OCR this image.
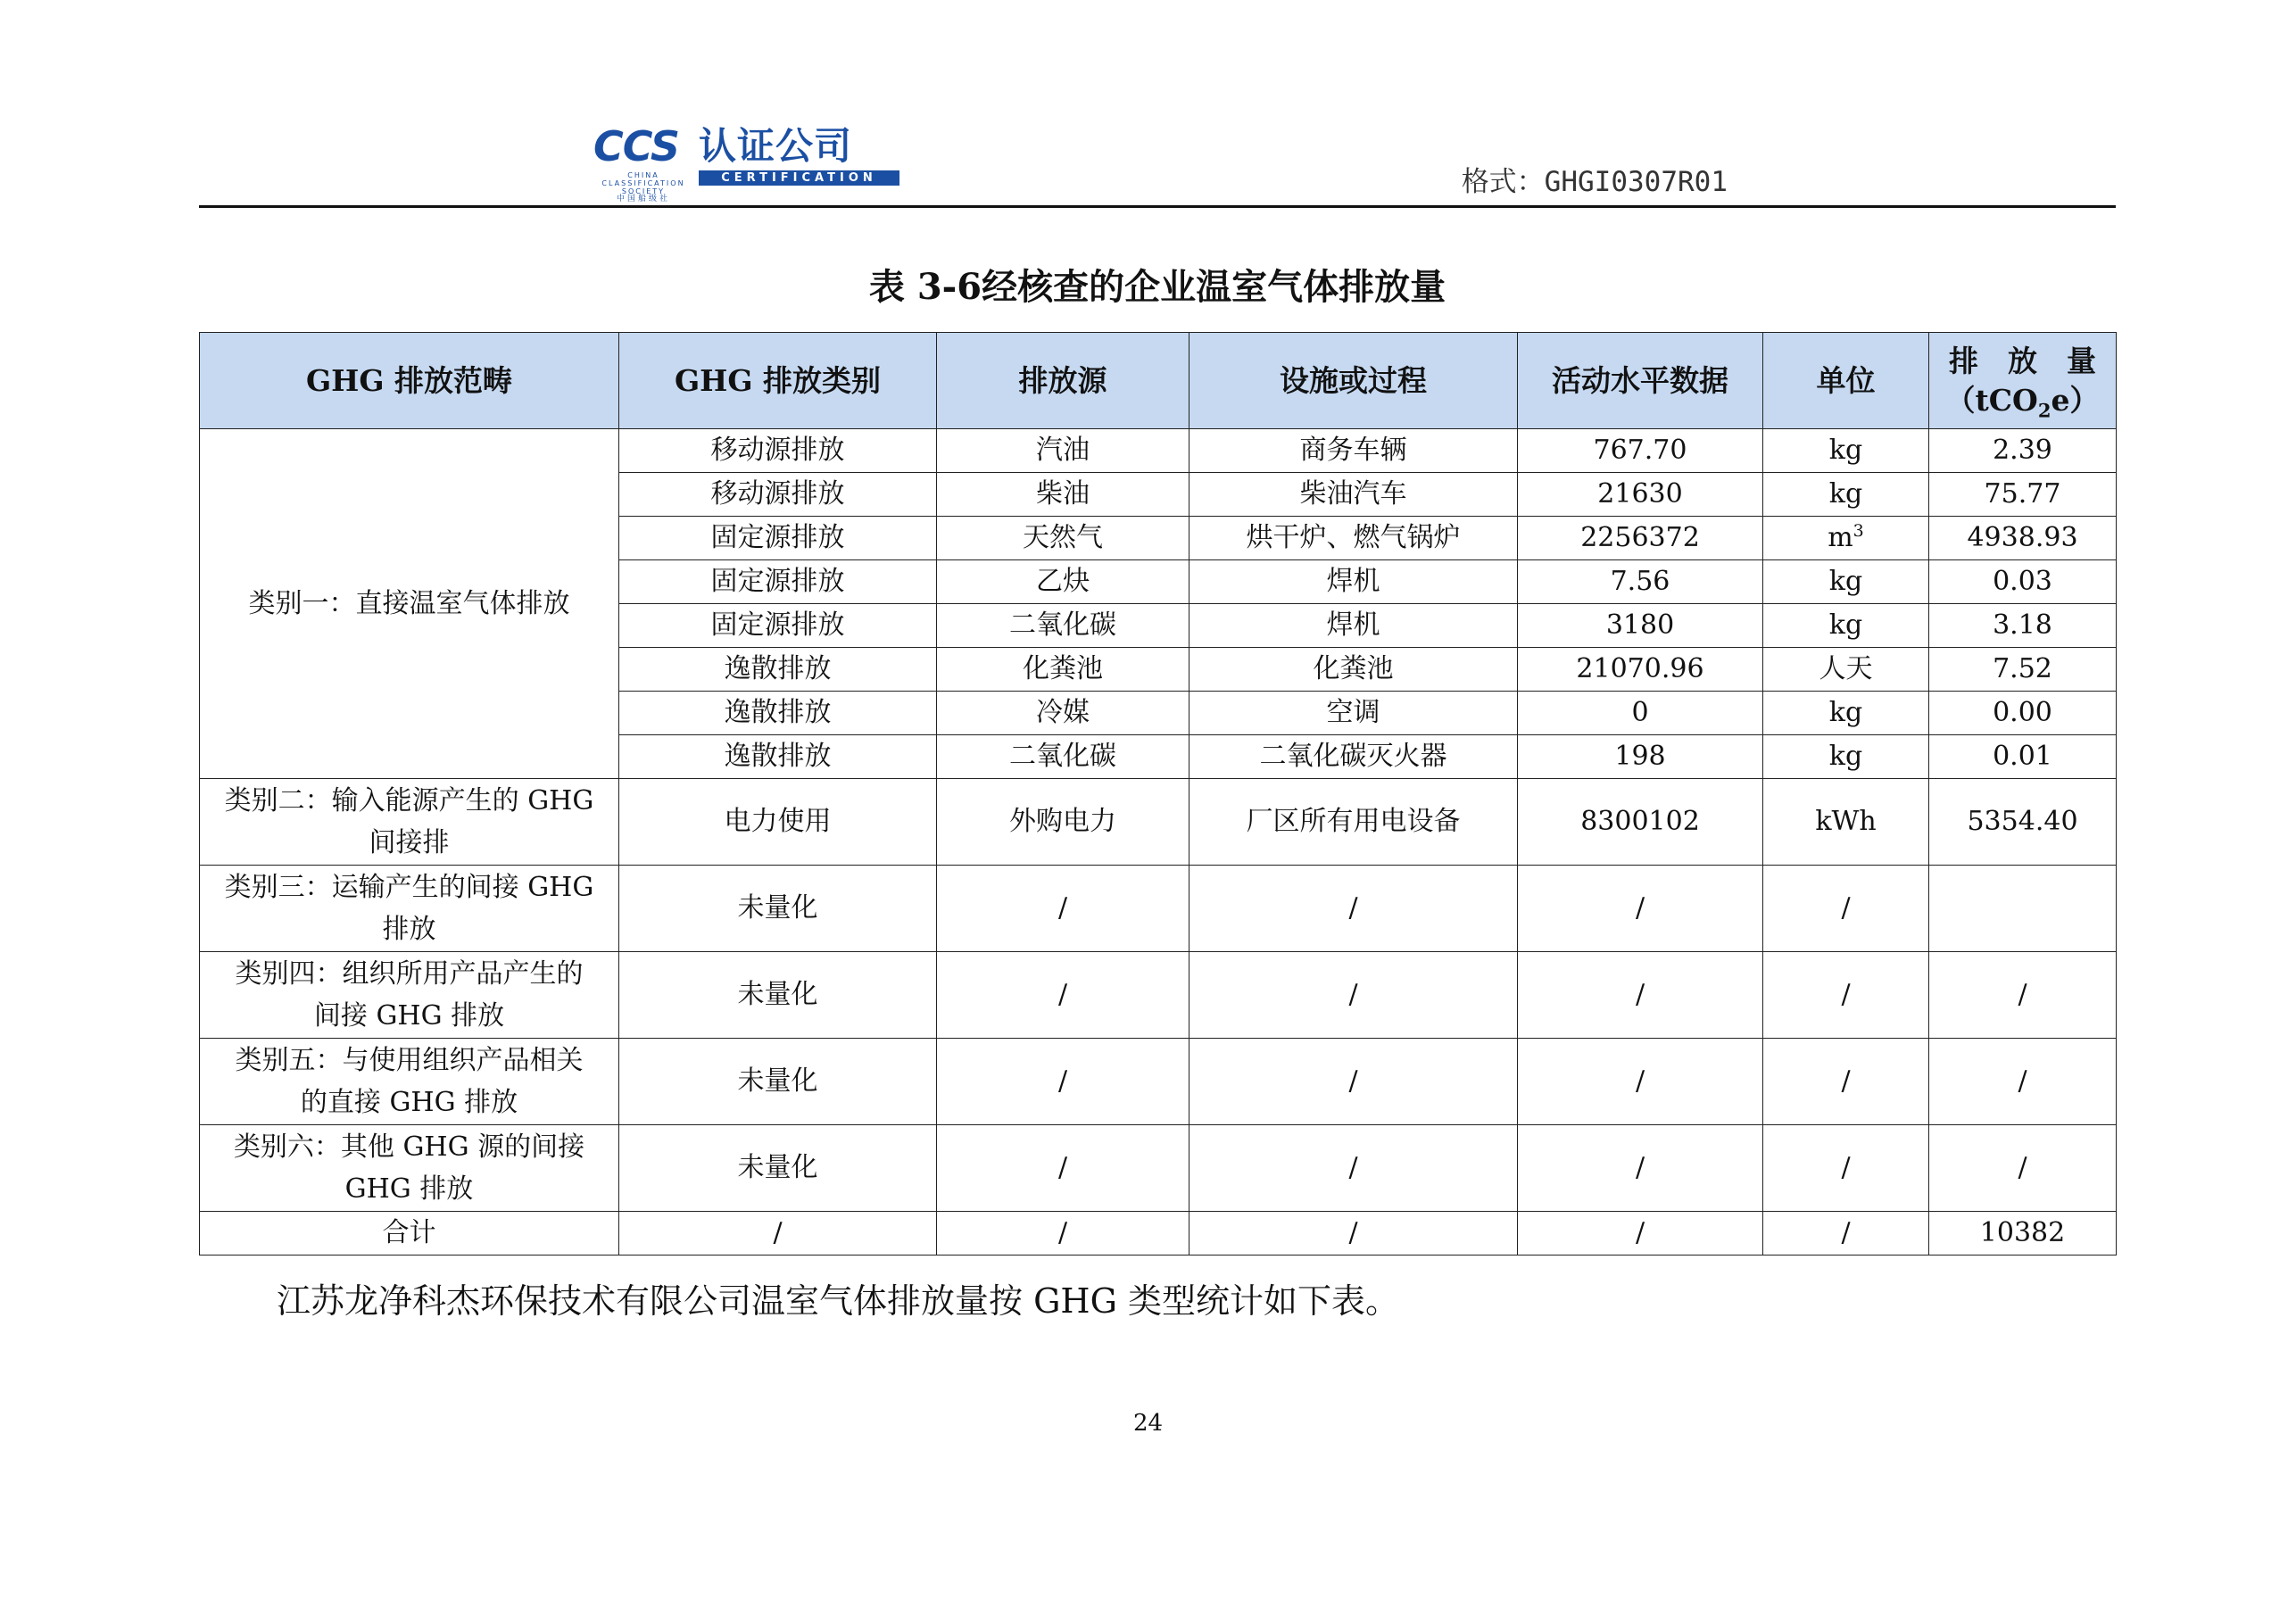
CCS 认证公司
CHINA CLASSIFICATION SOCIETY
中国船级社
CERTIFICATION	格式：GHGI0307R01
表 3-6经核查的企业温室气体排放量
GHG 排放范畴	GHG 排放类别	排放源	设施或过程	活动水平数据	单位	排　放　量
（tCO$_2$e）

类别一：直接温室气体排放	移动源排放	汽油	商务车辆	767.70	kg	2.39
	移动源排放	柴油	柴油汽车	21630	kg	75.77
	固定源排放	天然气	烘干炉、燃气锅炉	2256372	$m^3$	4938.93
	固定源排放	乙炔	焊机	7.56	kg	0.03
	固定源排放	二氧化碳	焊机	3180	kg	3.18
	逸散排放	化粪池	化粪池	21070.96	人天	7.52
	逸散排放	冷媒	空调	0	kg	0.00
	逸散排放	二氧化碳	二氧化碳灭火器	198	kg	0.01

类别二：输入能源产生的 GHG
间接排	电力使用	外购电力	厂区所有用电设备	8300102	kWh	5354.40

类别三：运输产生的间接 GHG
排放	未量化	/	/	/	/	

类别四：组织所用产品产生的
间接 GHG 排放	未量化	/	/	/	/	/

类别五：与使用组织产品相关
的直接 GHG 排放	未量化	/	/	/	/	/

类别六：其他 GHG 源的间接
GHG 排放	未量化	/	/	/	/	/
合计	/	/	/	/	/	10382
江苏龙净科杰环保技术有限公司温室气体排放量按 GHG 类型统计如下表。
24
